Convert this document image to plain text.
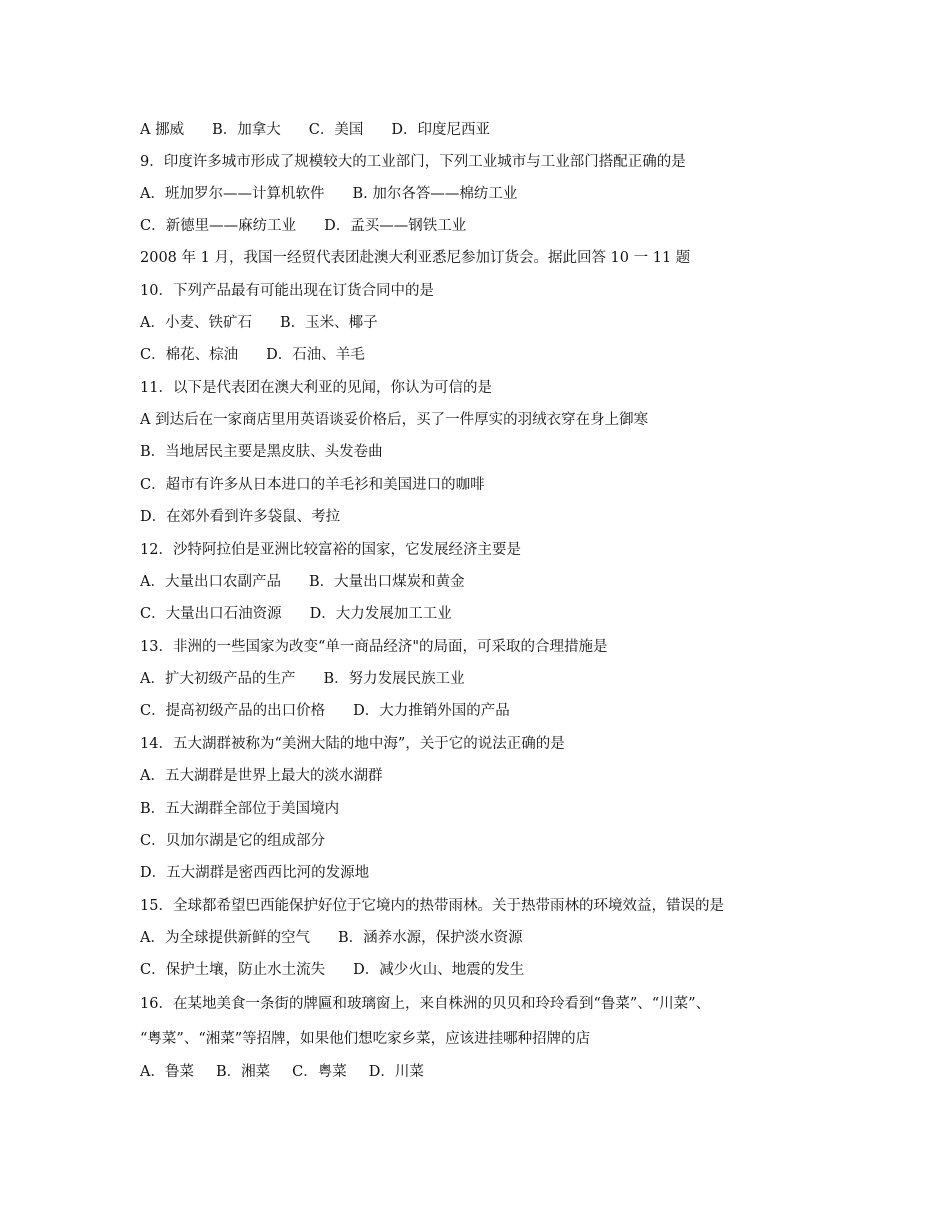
A 挪威 B．加拿大 C．美国 D．印度尼西亚
9．印度许多城市形成了规模较大的工业部门，下列工业城市与工业部门搭配正确的是
A．班加罗尔——计算机软件 B. 加尔各答——棉纺工业
C．新德里——麻纺工业 D．孟买——钢铁工业
2008 年 1 月，我国一经贸代表团赴澳大利亚悉尼参加订货会。据此回答 10 一 11 题
10．下列产品最有可能出现在订货合同中的是
A．小麦、铁矿石 B．玉米、椰子
C．棉花、棕油 D．石油、羊毛
11．以下是代表团在澳大利亚的见闻，你认为可信的是
A 到达后在一家商店里用英语谈妥价格后，买了一件厚实的羽绒衣穿在身上御寒
B．当地居民主要是黑皮肤、头发卷曲
C．超市有许多从日本进口的羊毛衫和美国进口的咖啡
D．在郊外看到许多袋鼠、考拉
12．沙特阿拉伯是亚洲比较富裕的国家，它发展经济主要是
A．大量出口农副产品 B．大量出口煤炭和黄金
C．大量出口石油资源 D．大力发展加工工业
13．非洲的一些国家为改变“单一商品经济"的局面，可采取的合理措施是
A．扩大初级产品的生产 B．努力发展民族工业
C．提高初级产品的出口价格 D．大力推销外国的产品
14．五大湖群被称为“美洲大陆的地中海”，关于它的说法正确的是
A．五大湖群是世界上最大的淡水湖群
B．五大湖群全部位于美国境内
C．贝加尔湖是它的组成部分
D．五大湖群是密西西比河的发源地
15．全球都希望巴西能保护好位于它境内的热带雨林。关于热带雨林的环境效益，错误的是
A．为全球提供新鲜的空气 B．涵养水源，保护淡水资源
C．保护土壤，防止水土流失 D．减少火山、地震的发生
16．在某地美食一条街的牌匾和玻璃窗上，来自株洲的贝贝和玲玲看到“鲁菜”、“川菜”、
“粤菜”、“湘菜”等招牌，如果他们想吃家乡菜，应该进挂哪种招牌的店
A．鲁菜 B．湘菜 C．粤菜 D．川菜
